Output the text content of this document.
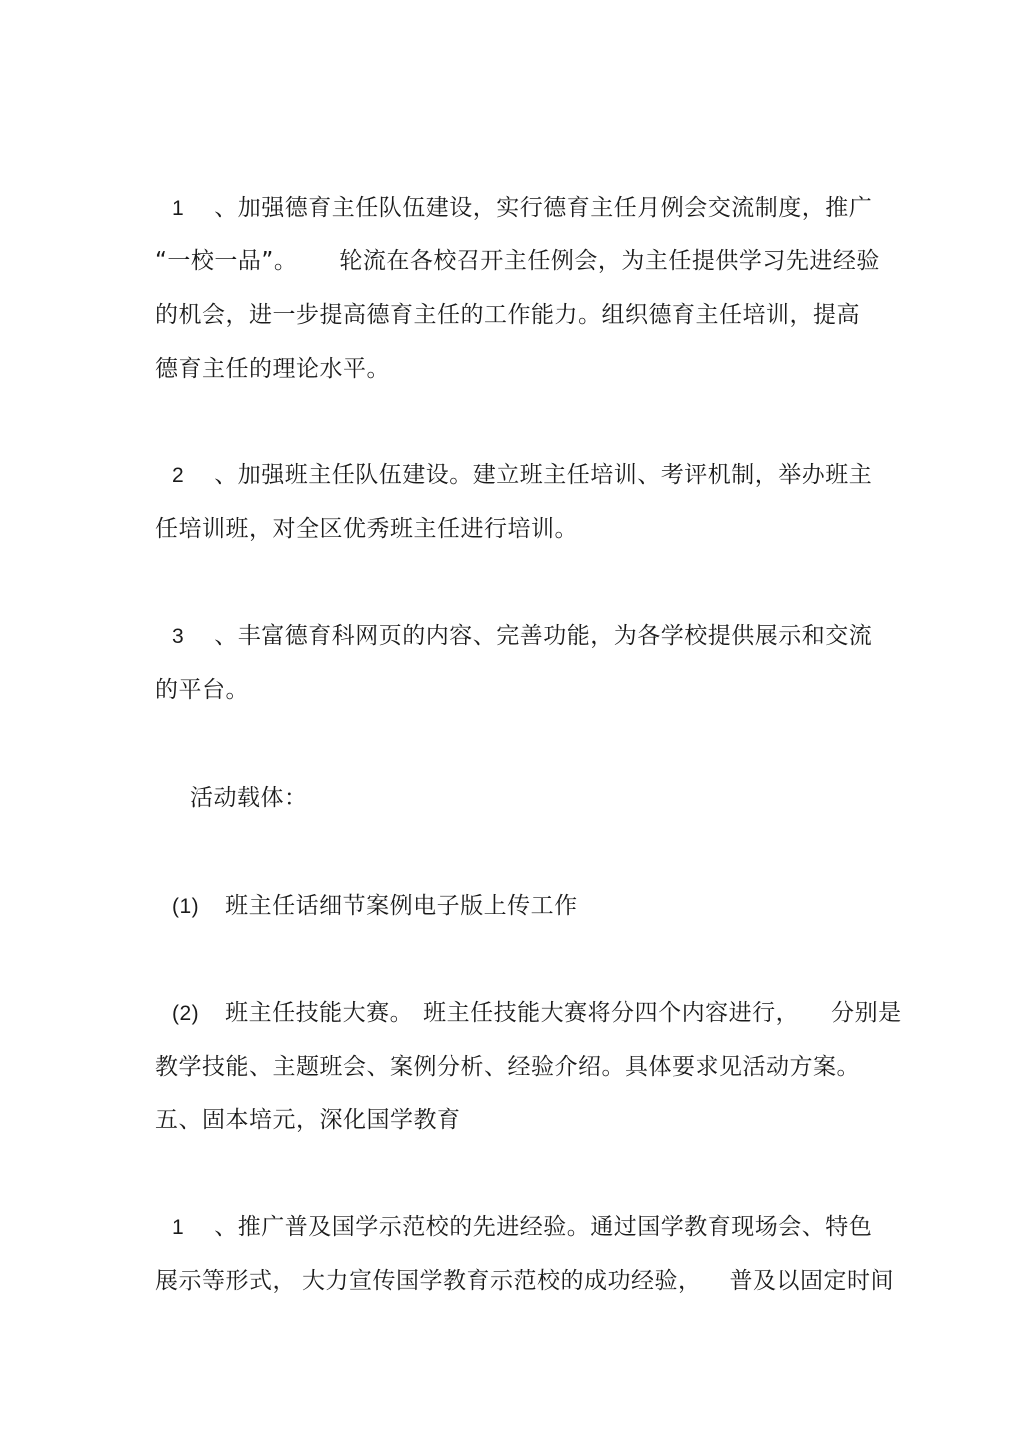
1 、加强德育主任队伍建设，实行德育主任月例会交流制度，推广
“一校一品”。 轮流在各校召开主任例会，为主任提供学习先进经验
的机会，进一步提高德育主任的工作能力。组织德育主任培训，提高
德育主任的理论水平。
2 、加强班主任队伍建设。建立班主任培训、考评机制，举办班主
任培训班，对全区优秀班主任进行培训。
3 、丰富德育科网页的内容、完善功能，为各学校提供展示和交流
的平台。
活动载体：
(1) 班主任话细节案例电子版上传工作
(2) 班主任技能大赛。 班主任技能大赛将分四个内容进行， 分别是
教学技能、主题班会、案例分析、经验介绍。具体要求见活动方案。
五、固本培元，深化国学教育
1 、推广普及国学示范校的先进经验。通过国学教育现场会、特色
展示等形式， 大力宣传国学教育示范校的成功经验， 普及以固定时间
